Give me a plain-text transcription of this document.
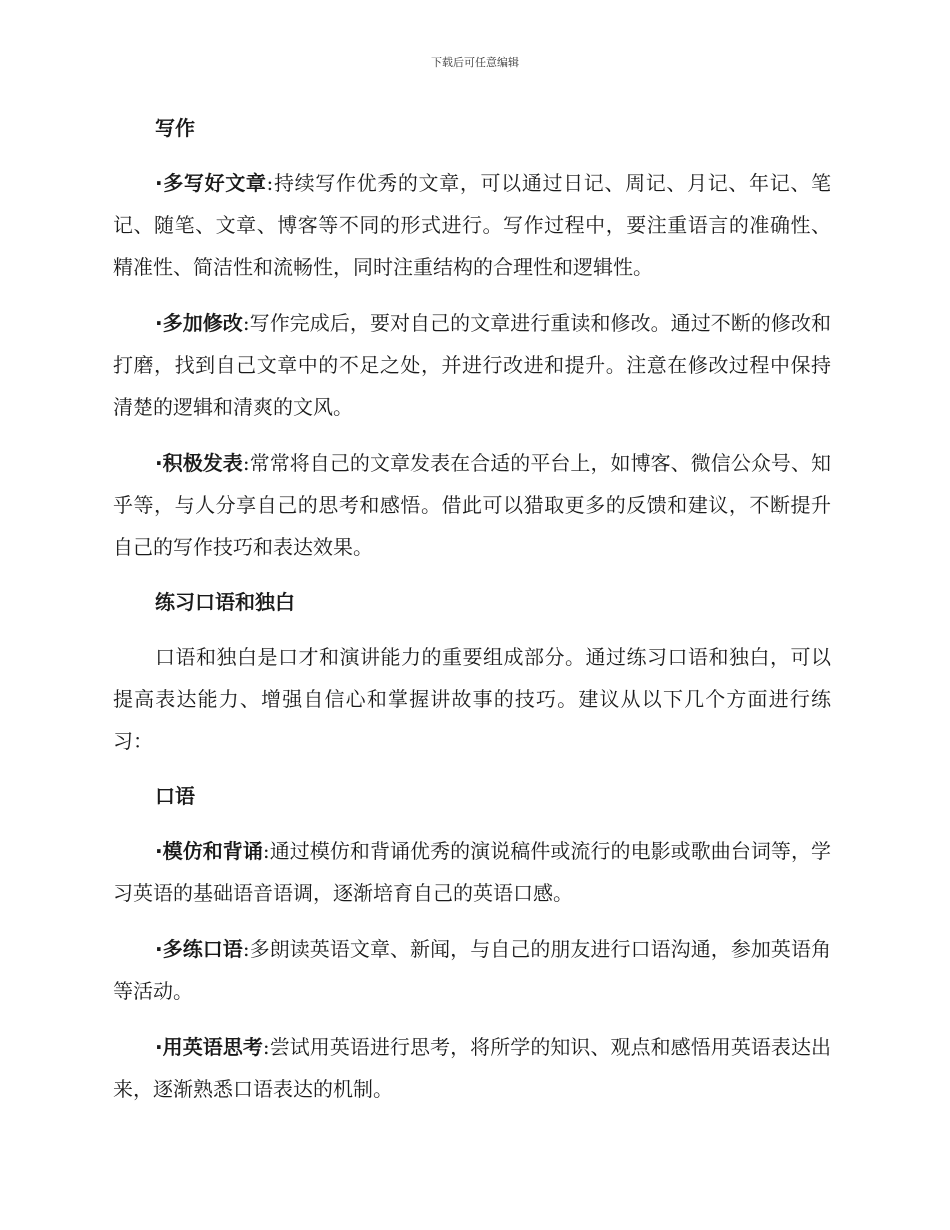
下载后可任意编辑
写作

·多写好文章:持续写作优秀的文章，可以通过日记、周记、月记、年记、笔记、随笔、文章、博客等不同的形式进行。写作过程中，要注重语言的准确性、精准性、简洁性和流畅性，同时注重结构的合理性和逻辑性。

·多加修改:写作完成后，要对自己的文章进行重读和修改。通过不断的修改和打磨，找到自己文章中的不足之处，并进行改进和提升。注意在修改过程中保持清楚的逻辑和清爽的文风。

·积极发表:常常将自己的文章发表在合适的平台上，如博客、微信公众号、知乎等，与人分享自己的思考和感悟。借此可以猎取更多的反馈和建议，不断提升自己的写作技巧和表达效果。

练习口语和独白

口语和独白是口才和演讲能力的重要组成部分。通过练习口语和独白，可以提高表达能力、增强自信心和掌握讲故事的技巧。建议从以下几个方面进行练习：

口语

·模仿和背诵:通过模仿和背诵优秀的演说稿件或流行的电影或歌曲台词等，学习英语的基础语音语调，逐渐培育自己的英语口感。

·多练口语:多朗读英语文章、新闻，与自己的朋友进行口语沟通，参加英语角等活动。

·用英语思考:尝试用英语进行思考，将所学的知识、观点和感悟用英语表达出来，逐渐熟悉口语表达的机制。
